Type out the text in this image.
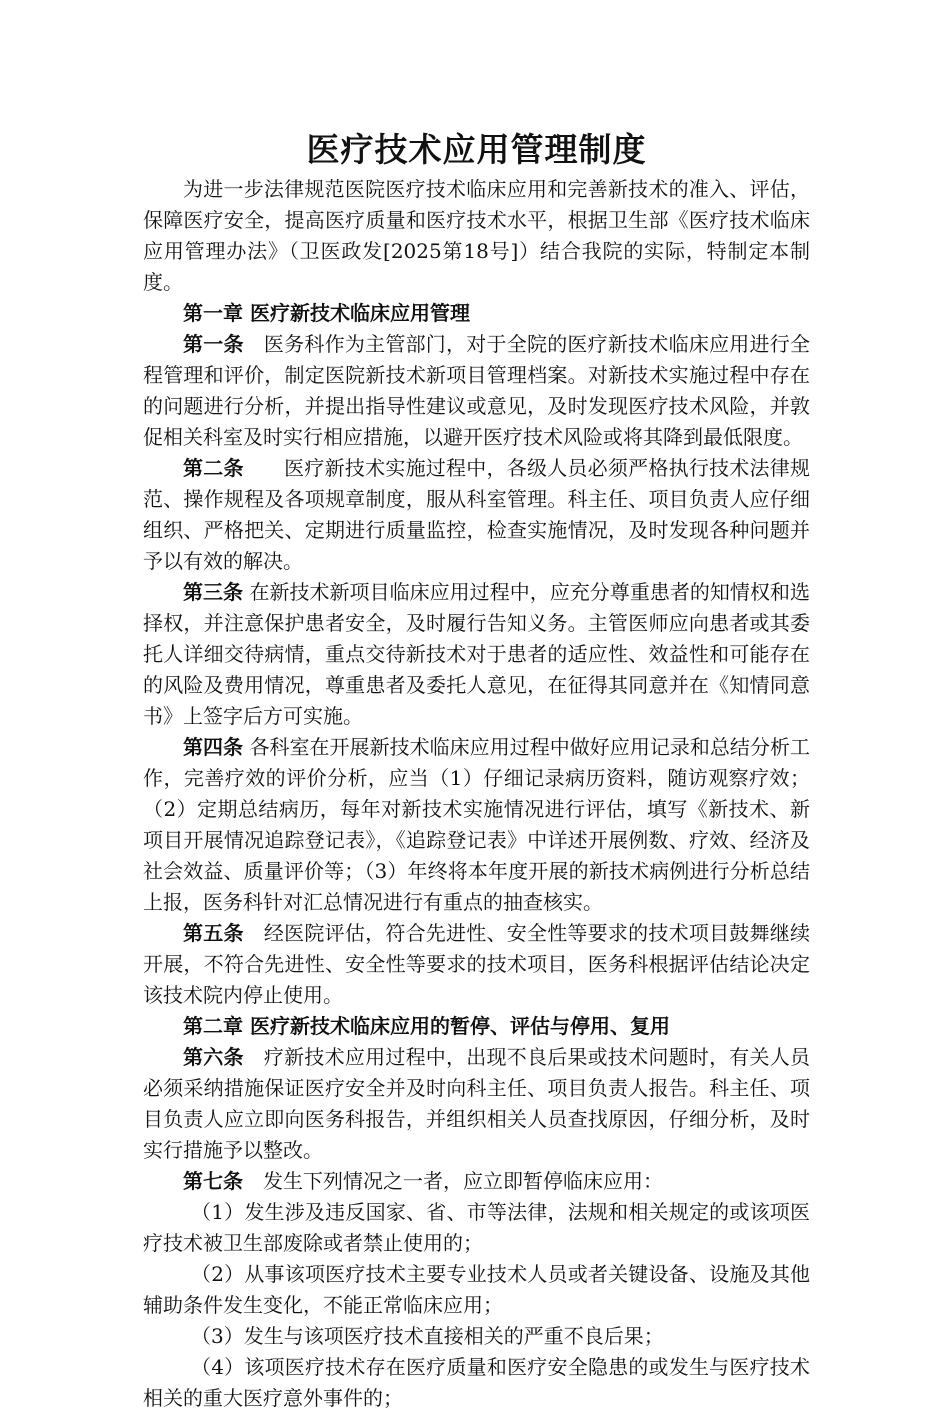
医疗技术应用管理制度

为进一步法律规范医院医疗技术临床应用和完善新技术的准入、评估，保障医疗安全，提高医疗质量和医疗技术水平，根据卫生部《医疗技术临床应用管理办法》（卫医政发[2025第18号]）结合我院的实际，特制定本制度。

第一章 医疗新技术临床应用管理

第一条　医务科作为主管部门，对于全院的医疗新技术临床应用进行全程管理和评价，制定医院新技术新项目管理档案。对新技术实施过程中存在的问题进行分析，并提出指导性建议或意见，及时发现医疗技术风险，并敦促相关科室及时实行相应措施，以避开医疗技术风险或将其降到最低限度。

第二条　　医疗新技术实施过程中，各级人员必须严格执行技术法律规范、操作规程及各项规章制度，服从科室管理。科主任、项目负责人应仔细组织、严格把关、定期进行质量监控，检查实施情况，及时发现各种问题并予以有效的解决。

第三条 在新技术新项目临床应用过程中，应充分尊重患者的知情权和选择权，并注意保护患者安全，及时履行告知义务。主管医师应向患者或其委托人详细交待病情，重点交待新技术对于患者的适应性、效益性和可能存在的风险及费用情况，尊重患者及委托人意见，在征得其同意并在《知情同意书》上签字后方可实施。

第四条 各科室在开展新技术临床应用过程中做好应用记录和总结分析工作，完善疗效的评价分析，应当（1）仔细记录病历资料，随访观察疗效；（2）定期总结病历，每年对新技术实施情况进行评估，填写《新技术、新项目开展情况追踪登记表》，《追踪登记表》中详述开展例数、疗效、经济及社会效益、质量评价等；（3）年终将本年度开展的新技术病例进行分析总结上报，医务科针对汇总情况进行有重点的抽查核实。

第五条　经医院评估，符合先进性、安全性等要求的技术项目鼓舞继续开展，不符合先进性、安全性等要求的技术项目，医务科根据评估结论决定该技术院内停止使用。

第二章 医疗新技术临床应用的暂停、评估与停用、复用

第六条　疗新技术应用过程中，出现不良后果或技术问题时，有关人员必须采纳措施保证医疗安全并及时向科主任、项目负责人报告。科主任、项目负责人应立即向医务科报告，并组织相关人员查找原因，仔细分析，及时实行措施予以整改。

第七条　发生下列情况之一者，应立即暂停临床应用：

（1）发生涉及违反国家、省、市等法律，法规和相关规定的或该项医疗技术被卫生部废除或者禁止使用的；

（2）从事该项医疗技术主要专业技术人员或者关键设备、设施及其他辅助条件发生变化，不能正常临床应用；

（3）发生与该项医疗技术直接相关的严重不良后果；

（4）该项医疗技术存在医疗质量和医疗安全隐患的或发生与医疗技术相关的重大医疗意外事件的；
